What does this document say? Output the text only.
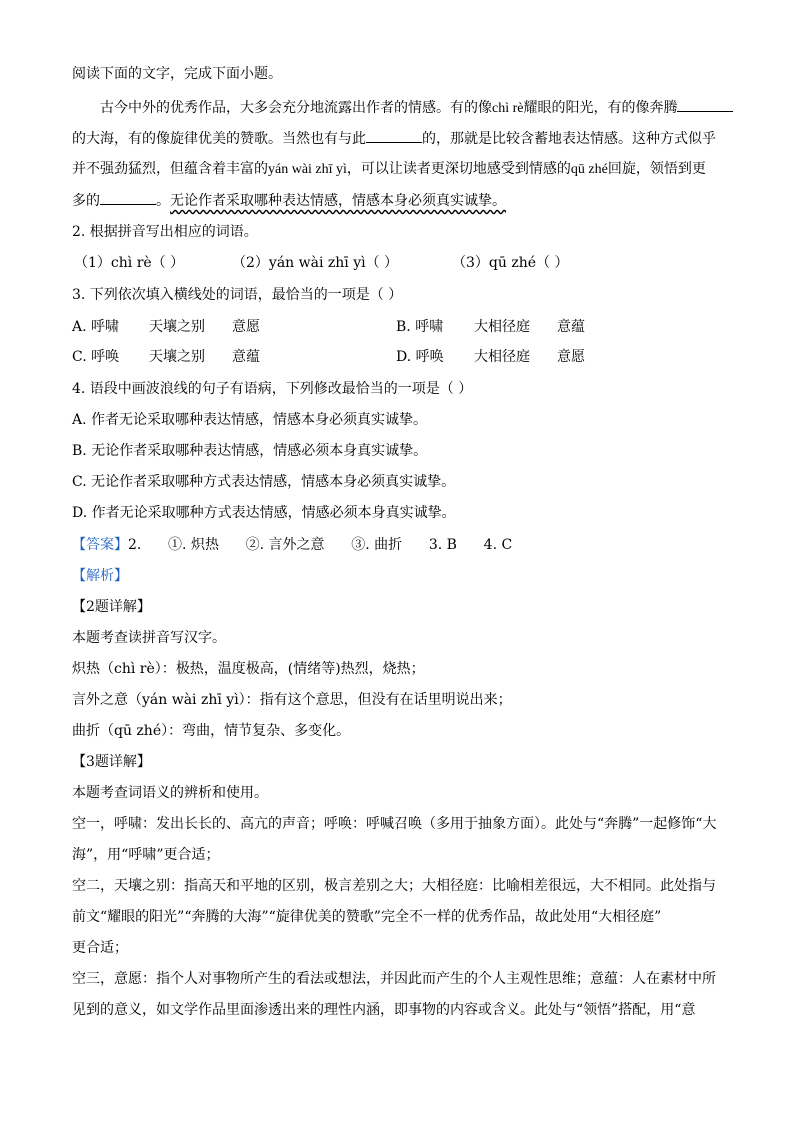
阅读下面的文字，完成下面小题。
古今中外的优秀作品，大多会充分地流露出作者的情感。有的像chì rè耀眼的阳光，有的像奔腾
的大海，有的像旋律优美的赞歌。当然也有与此	的，那就是比较含蓄地表达情感。这种方式似乎
并不强劲猛烈，但蕴含着丰富的yán wài zhī yì，可以让读者更深切地感受到情感的qū zhé回旋，领悟到更
多的	。无论作者采取哪种表达情感，情感本身必须真实诚挚。
2. 根据拼音写出相应的词语。
（1）chì rè（ ）	（2）yán wài zhī yì（ ）	（3）qū zhé（ ）
3. 下列依次填入横线处的词语，最恰当的一项是（ ）
A. 呼啸 天壤之别 意愿	B. 呼啸 大相径庭 意蕴
C. 呼唤 天壤之别 意蕴	D. 呼唤 大相径庭 意愿
4. 语段中画波浪线的句子有语病，下列修改最恰当的一项是（ ）
A. 作者无论采取哪种表达情感，情感本身必须真实诚挚。
B. 无论作者采取哪种表达情感，情感必须本身真实诚挚。
C. 无论作者采取哪种方式表达情感，情感本身必须真实诚挚。
D. 作者无论采取哪种方式表达情感，情感必须本身真实诚挚。
【答案】2.      ①. 炽热      ②. 言外之意      ③. 曲折      3. B      4. C
【解析】
【2题详解】
本题考查读拼音写汉字。
炽热（chì rè）：极热，温度极高，(情绪等)热烈，烧热；
言外之意（yán wài zhī yì）：指有这个意思，但没有在话里明说出来；
曲折（qū zhé）：弯曲，情节复杂、多变化。
【3题详解】
本题考查词语义的辨析和使用。
空一，呼啸：发出长长的、高亢的声音；呼唤：呼喊召唤（多用于抽象方面）。此处与“奔腾”一起修饰“大
海”，用“呼啸”更合适；
空二，天壤之别：指高天和平地的区别，极言差别之大；大相径庭：比喻相差很远，大不相同。此处指与
前文“耀眼的阳光”“奔腾的大海”“旋律优美的赞歌”完全不一样的优秀作品，故此处用“大相径庭”
更合适；
空三，意愿：指个人对事物所产生的看法或想法，并因此而产生的个人主观性思维；意蕴：人在素材中所
见到的意义，如文学作品里面渗透出来的理性内涵，即事物的内容或含义。此处与“领悟”搭配，用“意
